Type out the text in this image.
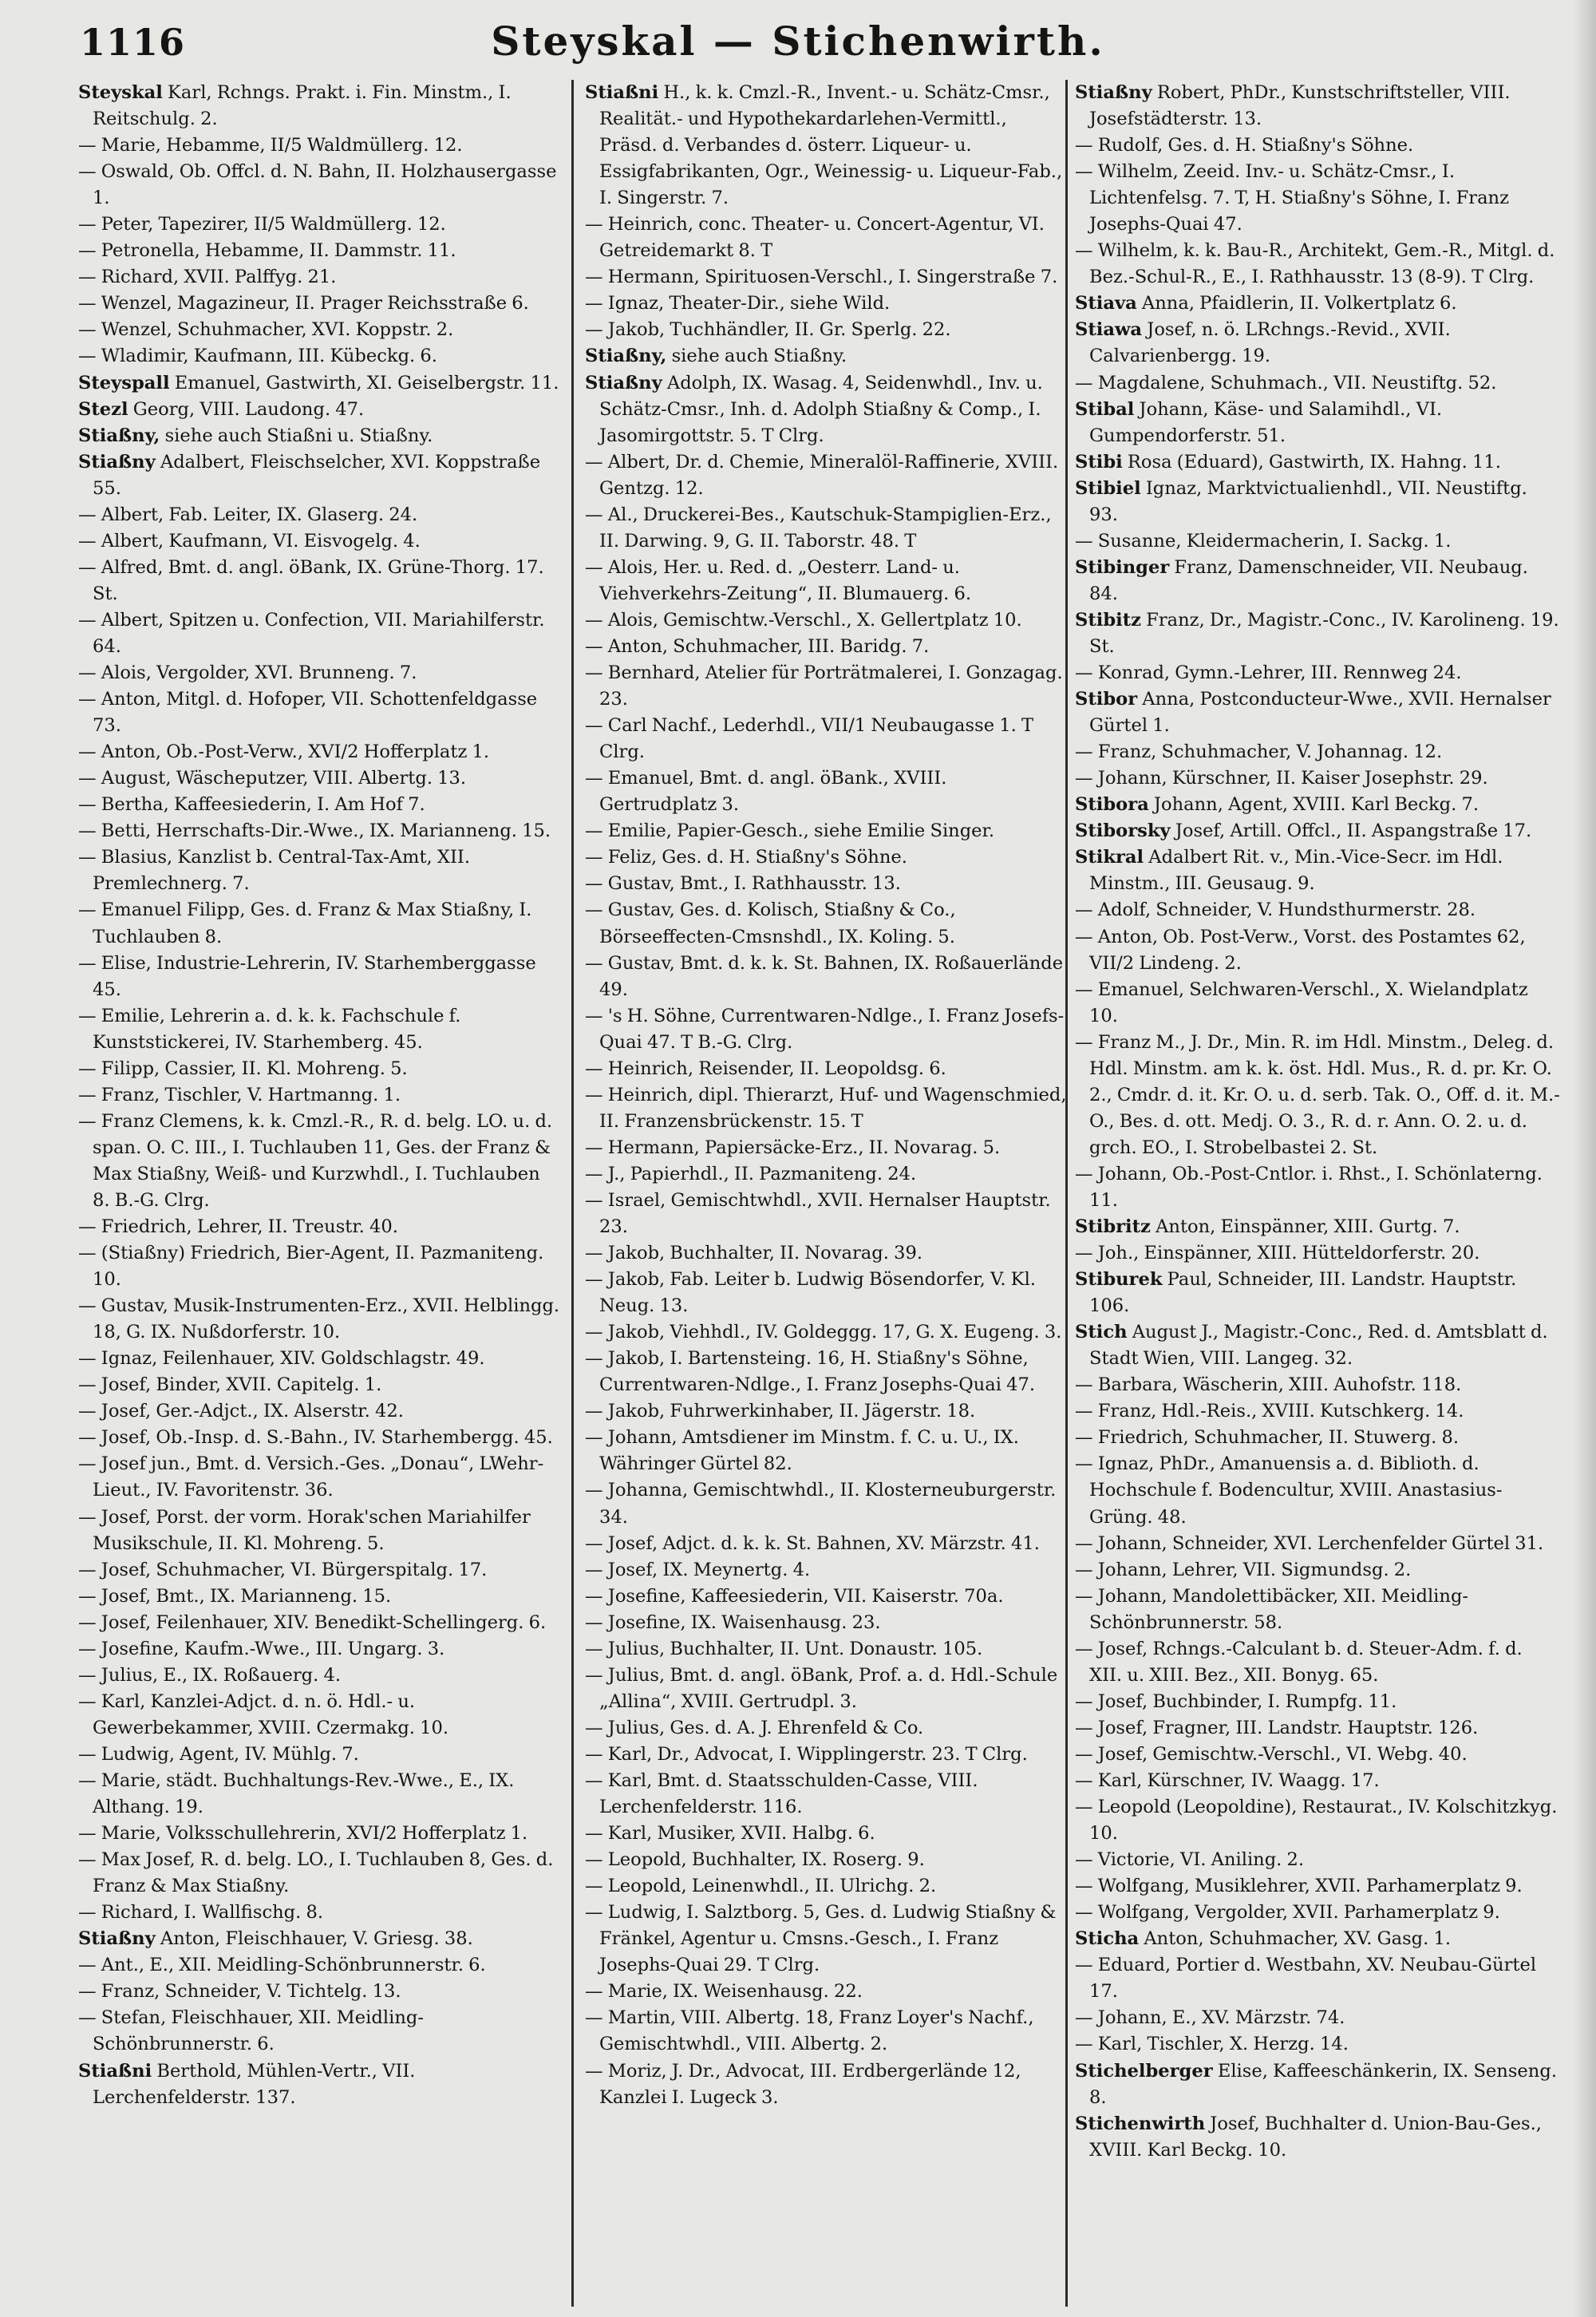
1116	Steyskal — Stichenwirth.

Steyskal Karl, Rchngs. Prakt. i. Fin. Minstm., I. Reitschulg. 2.

— Marie, Hebamme, II/5 Waldmüllerg. 12.

— Oswald, Ob. Offcl. d. N. Bahn, II. Holzhausergasse 1.

— Peter, Tapezirer, II/5 Waldmüllerg. 12.

— Petronella, Hebamme, II. Dammstr. 11.

— Richard, XVII. Palffyg. 21.

— Wenzel, Magazineur, II. Prager Reichsstraße 6.

— Wenzel, Schuhmacher, XVI. Koppstr. 2.

— Wladimir, Kaufmann, III. Kübeckg. 6.

Steyspall Emanuel, Gastwirth, XI. Geiselbergstr. 11.

Stezl Georg, VIII. Laudong. 47.

Stiaßny, siehe auch Stiaßni u. Stiaßny.

Stiaßny Adalbert, Fleischselcher, XVI. Koppstraße 55.

— Albert, Fab. Leiter, IX. Glaserg. 24.

— Albert, Kaufmann, VI. Eisvogelg. 4.

— Alfred, Bmt. d. angl. öBank, IX. Grüne-Thorg. 17. St.

— Albert, Spitzen u. Confection, VII. Mariahilferstr. 64.

— Alois, Vergolder, XVI. Brunneng. 7.

— Anton, Mitgl. d. Hofoper, VII. Schottenfeldgasse 73.

— Anton, Ob.-Post-Verw., XVI/2 Hofferplatz 1.

— August, Wäscheputzer, VIII. Albertg. 13.

— Bertha, Kaffeesiederin, I. Am Hof 7.

— Betti, Herrschafts-Dir.-Wwe., IX. Marianneng. 15.

— Blasius, Kanzlist b. Central-Tax-Amt, XII. Premlechnerg. 7.

— Emanuel Filipp, Ges. d. Franz & Max Stiaßny, I. Tuchlauben 8.

— Elise, Industrie-Lehrerin, IV. Starhemberggasse 45.

— Emilie, Lehrerin a. d. k. k. Fachschule f. Kunststickerei, IV. Starhemberg. 45.

— Filipp, Cassier, II. Kl. Mohreng. 5.

— Franz, Tischler, V. Hartmanng. 1.

— Franz Clemens, k. k. Cmzl.-R., R. d. belg. LO. u. d. span. O. C. III., I. Tuchlauben 11, Ges. der Franz & Max Stiaßny, Weiß- und Kurzwhdl., I. Tuchlauben 8. B.-G. Clrg.

— Friedrich, Lehrer, II. Treustr. 40.

— (Stiaßny) Friedrich, Bier-Agent, II. Pazmaniteng. 10.

— Gustav, Musik-Instrumenten-Erz., XVII. Helblingg. 18, G. IX. Nußdorferstr. 10.

— Ignaz, Feilenhauer, XIV. Goldschlagstr. 49.

— Josef, Binder, XVII. Capitelg. 1.

— Josef, Ger.-Adjct., IX. Alserstr. 42.

— Josef, Ob.-Insp. d. S.-Bahn., IV. Starhembergg. 45.

— Josef jun., Bmt. d. Versich.-Ges. „Donau“, LWehr-Lieut., IV. Favoritenstr. 36.

— Josef, Porst. der vorm. Horak'schen Mariahilfer Musikschule, II. Kl. Mohreng. 5.

— Josef, Schuhmacher, VI. Bürgerspitalg. 17.

— Josef, Bmt., IX. Marianneng. 15.

— Josef, Feilenhauer, XIV. Benedikt-Schellingerg. 6.

— Josefine, Kaufm.-Wwe., III. Ungarg. 3.

— Julius, E., IX. Roßauerg. 4.

— Karl, Kanzlei-Adjct. d. n. ö. Hdl.- u. Gewerbekammer, XVIII. Czermakg. 10.

— Ludwig, Agent, IV. Mühlg. 7.

— Marie, städt. Buchhaltungs-Rev.-Wwe., E., IX. Althang. 19.

— Marie, Volksschullehrerin, XVI/2 Hofferplatz 1.

— Max Josef, R. d. belg. LO., I. Tuchlauben 8, Ges. d. Franz & Max Stiaßny.

— Richard, I. Wallfischg. 8.

Stiaßny Anton, Fleischhauer, V. Griesg. 38.

— Ant., E., XII. Meidling-Schönbrunnerstr. 6.

— Franz, Schneider, V. Tichtelg. 13.

— Stefan, Fleischhauer, XII. Meidling-Schönbrunnerstr. 6.

Stiaßni Berthold, Mühlen-Vertr., VII. Lerchenfelderstr. 137.

Stiaßni H., k. k. Cmzl.-R., Invent.- u. Schätz-Cmsr., Realität.- und Hypothekardarlehen-Vermittl., Präsd. d. Verbandes d. österr. Liqueur- u. Essigfabrikanten, Ogr., Weinessig- u. Liqueur-Fab., I. Singerstr. 7.

— Heinrich, conc. Theater- u. Concert-Agentur, VI. Getreidemarkt 8. T

— Hermann, Spirituosen-Verschl., I. Singerstraße 7.

— Ignaz, Theater-Dir., siehe Wild.

— Jakob, Tuchhändler, II. Gr. Sperlg. 22.

Stiaßny, siehe auch Stiaßny.

Stiaßny Adolph, IX. Wasag. 4, Seidenwhdl., Inv. u. Schätz-Cmsr., Inh. d. Adolph Stiaßny & Comp., I. Jasomirgottstr. 5. T Clrg.

— Albert, Dr. d. Chemie, Mineralöl-Raffinerie, XVIII. Gentzg. 12.

— Al., Druckerei-Bes., Kautschuk-Stampiglien-Erz., II. Darwing. 9, G. II. Taborstr. 48. T

— Alois, Her. u. Red. d. „Oesterr. Land- u. Viehverkehrs-Zeitung“, II. Blumauerg. 6.

— Alois, Gemischtw.-Verschl., X. Gellertplatz 10.

— Anton, Schuhmacher, III. Baridg. 7.

— Bernhard, Atelier für Porträtmalerei, I. Gonzagag. 23.

— Carl Nachf., Lederhdl., VII/1 Neubaugasse 1. T Clrg.

— Emanuel, Bmt. d. angl. öBank., XVIII. Gertrudplatz 3.

— Emilie, Papier-Gesch., siehe Emilie Singer.

— Feliz, Ges. d. H. Stiaßny's Söhne.

— Gustav, Bmt., I. Rathhausstr. 13.

— Gustav, Ges. d. Kolisch, Stiaßny & Co., Börseeffecten-Cmsnshdl., IX. Koling. 5.

— Gustav, Bmt. d. k. k. St. Bahnen, IX. Roßauerlände 49.

— 's H. Söhne, Currentwaren-Ndlge., I. Franz Josefs-Quai 47. T B.-G. Clrg.

— Heinrich, Reisender, II. Leopoldsg. 6.

— Heinrich, dipl. Thierarzt, Huf- und Wagenschmied, II. Franzensbrückenstr. 15. T

— Hermann, Papiersäcke-Erz., II. Novarag. 5.

— J., Papierhdl., II. Pazmaniteng. 24.

— Israel, Gemischtwhdl., XVII. Hernalser Hauptstr. 23.

— Jakob, Buchhalter, II. Novarag. 39.

— Jakob, Fab. Leiter b. Ludwig Bösendorfer, V. Kl. Neug. 13.

— Jakob, Viehhdl., IV. Goldeggg. 17, G. X. Eugeng. 3.

— Jakob, I. Bartensteing. 16, H. Stiaßny's Söhne, Currentwaren-Ndlge., I. Franz Josephs-Quai 47.

— Jakob, Fuhrwerkinhaber, II. Jägerstr. 18.

— Johann, Amtsdiener im Minstm. f. C. u. U., IX. Währinger Gürtel 82.

— Johanna, Gemischtwhdl., II. Klosterneuburgerstr. 34.

— Josef, Adjct. d. k. k. St. Bahnen, XV. Märzstr. 41.

— Josef, IX. Meynertg. 4.

— Josefine, Kaffeesiederin, VII. Kaiserstr. 70a.

— Josefine, IX. Waisenhausg. 23.

— Julius, Buchhalter, II. Unt. Donaustr. 105.

— Julius, Bmt. d. angl. öBank, Prof. a. d. Hdl.-Schule „Allina“, XVIII. Gertrudpl. 3.

— Julius, Ges. d. A. J. Ehrenfeld & Co.

— Karl, Dr., Advocat, I. Wipplingerstr. 23. T Clrg.

— Karl, Bmt. d. Staatsschulden-Casse, VIII. Lerchenfelderstr. 116.

— Karl, Musiker, XVII. Halbg. 6.

— Leopold, Buchhalter, IX. Roserg. 9.

— Leopold, Leinenwhdl., II. Ulrichg. 2.

— Ludwig, I. Salztborg. 5, Ges. d. Ludwig Stiaßny & Fränkel, Agentur u. Cmsns.-Gesch., I. Franz Josephs-Quai 29. T Clrg.

— Marie, IX. Weisenhausg. 22.

— Martin, VIII. Albertg. 18, Franz Loyer's Nachf., Gemischtwhdl., VIII. Albertg. 2.

— Moriz, J. Dr., Advocat, III. Erdbergerlände 12, Kanzlei I. Lugeck 3.

Stiaßny Robert, PhDr., Kunstschriftsteller, VIII. Josefstädterstr. 13.

— Rudolf, Ges. d. H. Stiaßny's Söhne.

— Wilhelm, Zeeid. Inv.- u. Schätz-Cmsr., I. Lichtenfelsg. 7. T, H. Stiaßny's Söhne, I. Franz Josephs-Quai 47.

— Wilhelm, k. k. Bau-R., Architekt, Gem.-R., Mitgl. d. Bez.-Schul-R., E., I. Rathhausstr. 13 (8-9). T Clrg.

Stiava Anna, Pfaidlerin, II. Volkertplatz 6.

Stiawa Josef, n. ö. LRchngs.-Revid., XVII. Calvarienbergg. 19.

— Magdalene, Schuhmach., VII. Neustiftg. 52.

Stibal Johann, Käse- und Salamihdl., VI. Gumpendorferstr. 51.

Stibi Rosa (Eduard), Gastwirth, IX. Hahng. 11.

Stibiel Ignaz, Marktvictualienhdl., VII. Neustiftg. 93.

— Susanne, Kleidermacherin, I. Sackg. 1.

Stibinger Franz, Damenschneider, VII. Neubaug. 84.

Stibitz Franz, Dr., Magistr.-Conc., IV. Karolineng. 19. St.

— Konrad, Gymn.-Lehrer, III. Rennweg 24.

Stibor Anna, Postconducteur-Wwe., XVII. Hernalser Gürtel 1.

— Franz, Schuhmacher, V. Johannag. 12.

— Johann, Kürschner, II. Kaiser Josephstr. 29.

Stibora Johann, Agent, XVIII. Karl Beckg. 7.

Stiborsky Josef, Artill. Offcl., II. Aspangstraße 17.

Stikral Adalbert Rit. v., Min.-Vice-Secr. im Hdl. Minstm., III. Geusaug. 9.

— Adolf, Schneider, V. Hundsthurmerstr. 28.

— Anton, Ob. Post-Verw., Vorst. des Postamtes 62, VII/2 Lindeng. 2.

— Emanuel, Selchwaren-Verschl., X. Wielandplatz 10.

— Franz M., J. Dr., Min. R. im Hdl. Minstm., Deleg. d. Hdl. Minstm. am k. k. öst. Hdl. Mus., R. d. pr. Kr. O. 2., Cmdr. d. it. Kr. O. u. d. serb. Tak. O., Off. d. it. M.-O., Bes. d. ott. Medj. O. 3., R. d. r. Ann. O. 2. u. d. grch. EO., I. Strobelbastei 2. St.

— Johann, Ob.-Post-Cntlor. i. Rhst., I. Schönlaterng. 11.

Stibritz Anton, Einspänner, XIII. Gurtg. 7.

— Joh., Einspänner, XIII. Hütteldorferstr. 20.

Stiburek Paul, Schneider, III. Landstr. Hauptstr. 106.

Stich August J., Magistr.-Conc., Red. d. Amtsblatt d. Stadt Wien, VIII. Langeg. 32.

— Barbara, Wäscherin, XIII. Auhofstr. 118.

— Franz, Hdl.-Reis., XVIII. Kutschkerg. 14.

— Friedrich, Schuhmacher, II. Stuwerg. 8.

— Ignaz, PhDr., Amanuensis a. d. Biblioth. d. Hochschule f. Bodencultur, XVIII. Anastasius-Grüng. 48.

— Johann, Schneider, XVI. Lerchenfelder Gürtel 31.

— Johann, Lehrer, VII. Sigmundsg. 2.

— Johann, Mandolettibäcker, XII. Meidling-Schönbrunnerstr. 58.

— Josef, Rchngs.-Calculant b. d. Steuer-Adm. f. d. XII. u. XIII. Bez., XII. Bonyg. 65.

— Josef, Buchbinder, I. Rumpfg. 11.

— Josef, Fragner, III. Landstr. Hauptstr. 126.

— Josef, Gemischtw.-Verschl., VI. Webg. 40.

— Karl, Kürschner, IV. Waagg. 17.

— Leopold (Leopoldine), Restaurat., IV. Kolschitzkyg. 10.

— Victorie, VI. Aniling. 2.

— Wolfgang, Musiklehrer, XVII. Parhamerplatz 9.

— Wolfgang, Vergolder, XVII. Parhamerplatz 9.

Sticha Anton, Schuhmacher, XV. Gasg. 1.

— Eduard, Portier d. Westbahn, XV. Neubau-Gürtel 17.

— Johann, E., XV. Märzstr. 74.

— Karl, Tischler, X. Herzg. 14.

Stichelberger Elise, Kaffeeschänkerin, IX. Senseng. 8.

Stichenwirth Josef, Buchhalter d. Union-Bau-Ges., XVIII. Karl Beckg. 10.
